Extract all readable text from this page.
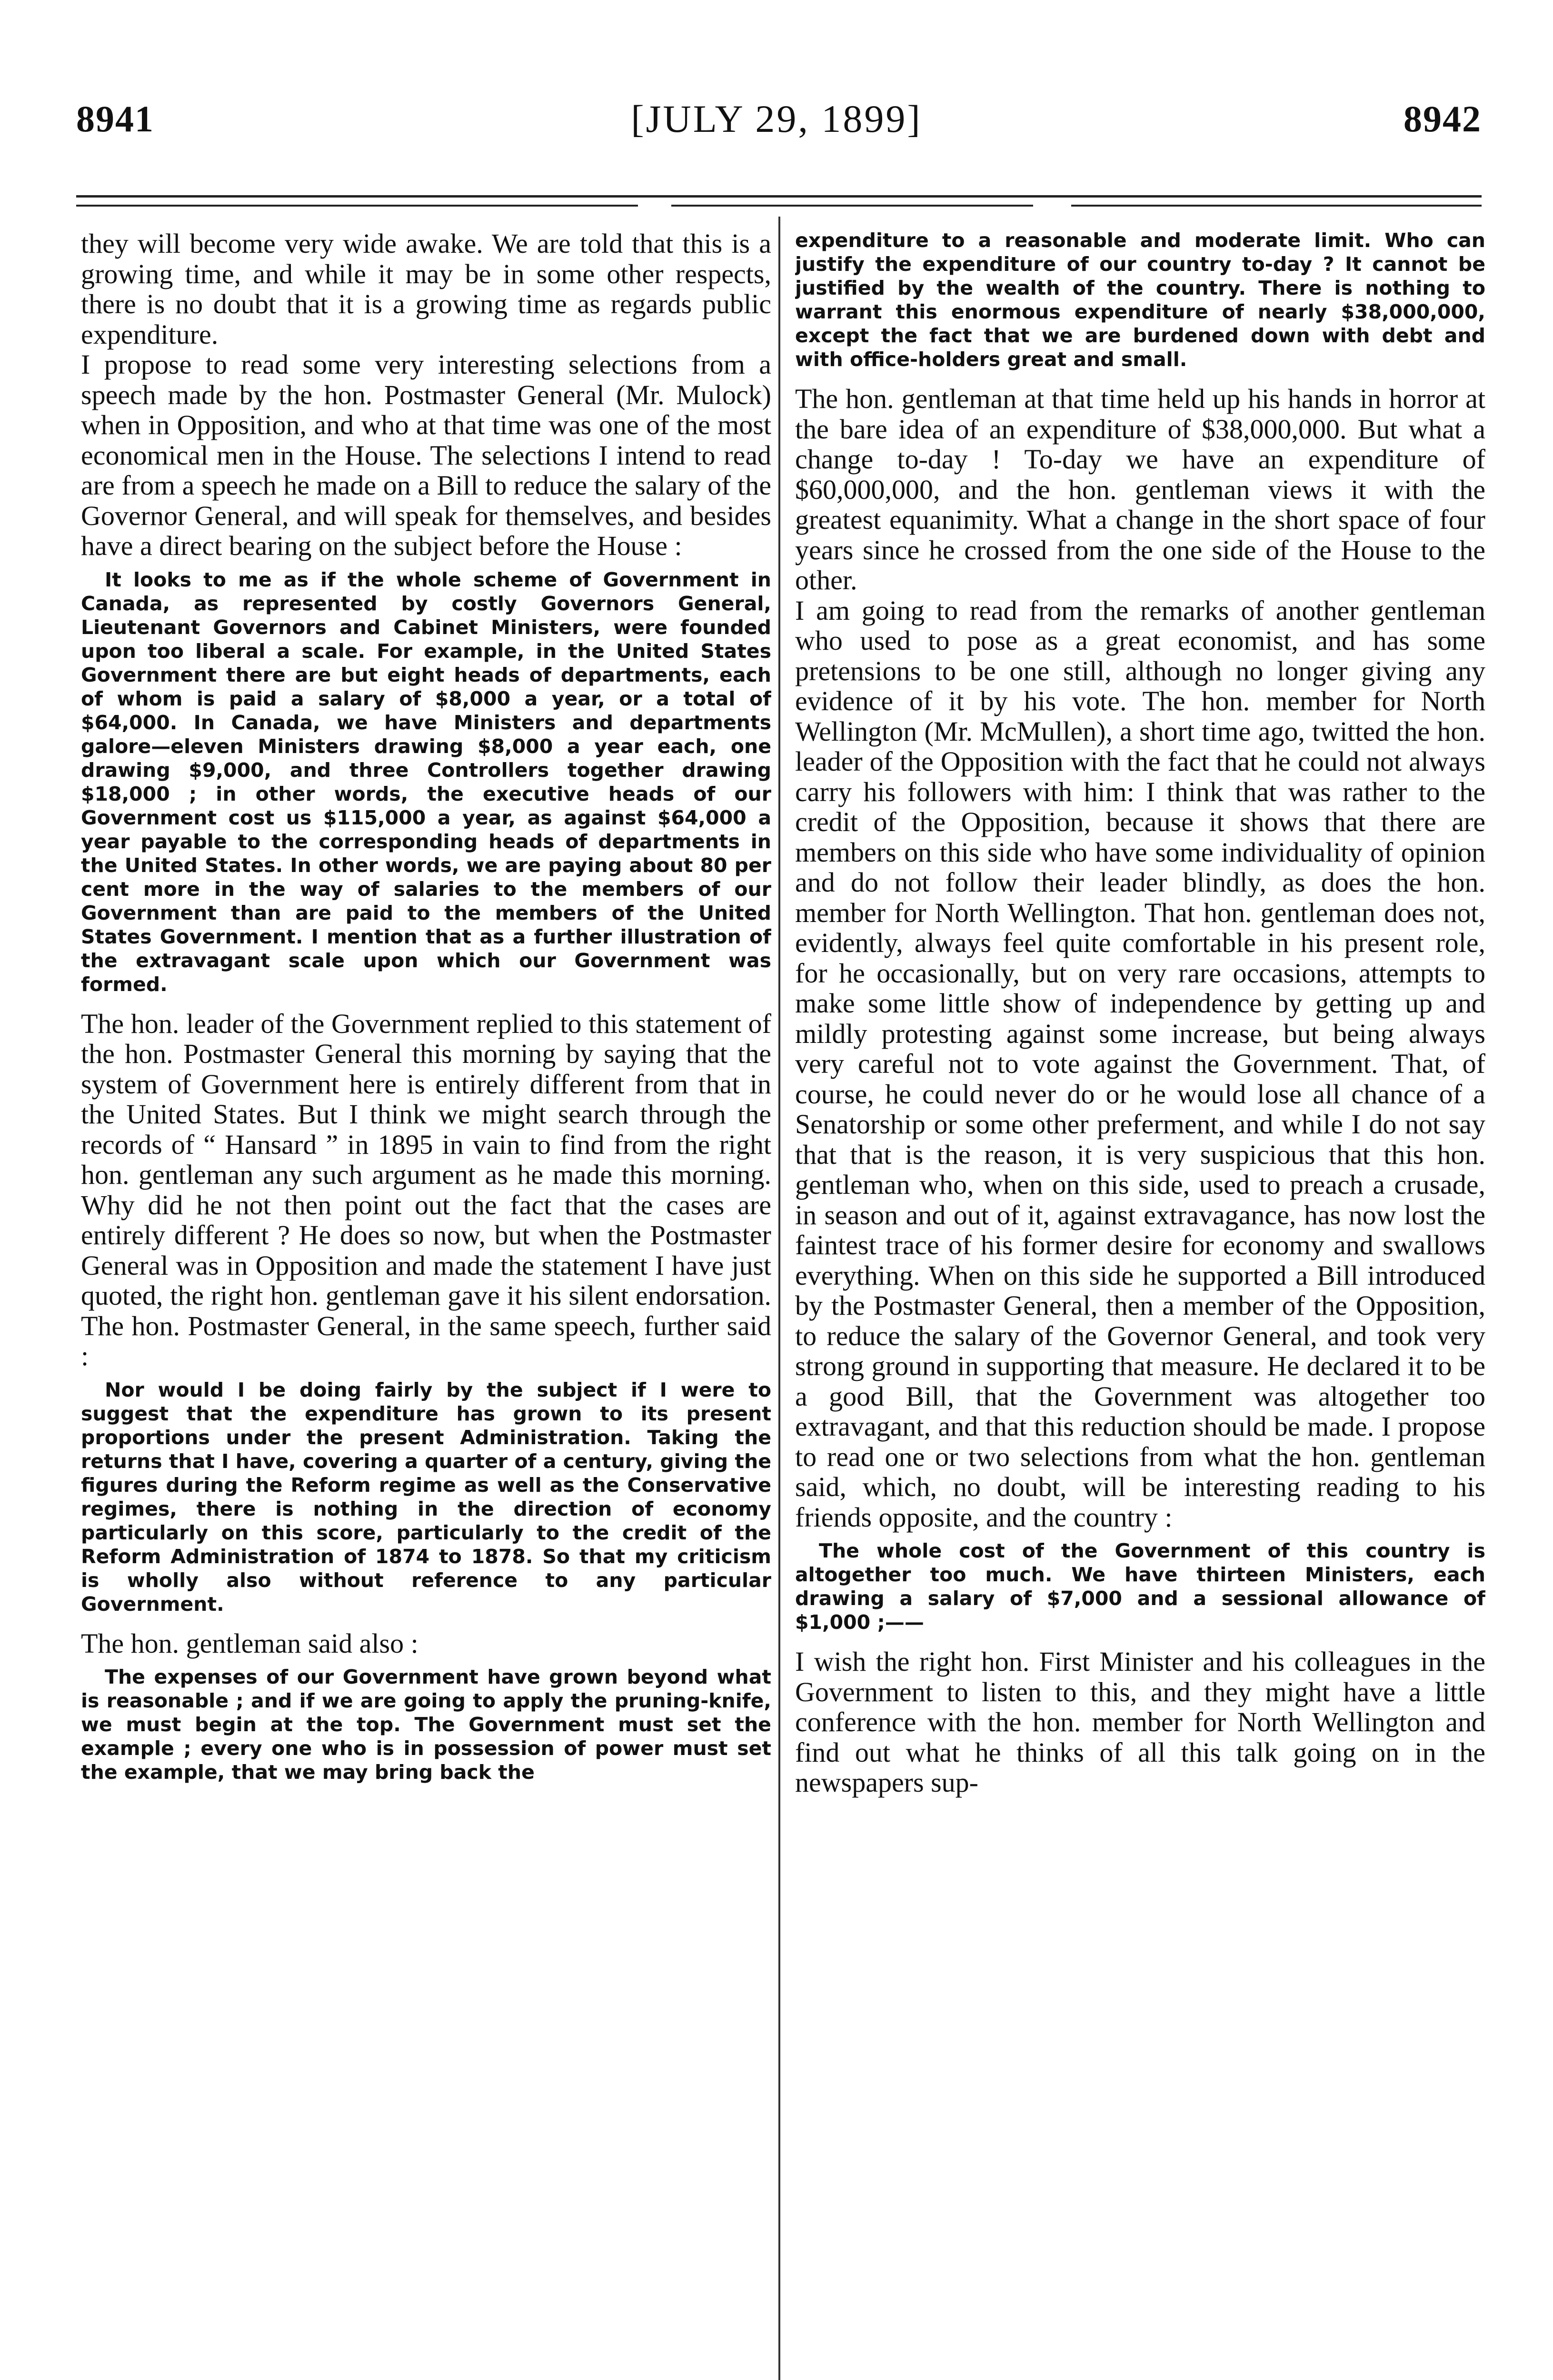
8941	[JULY 29, 1899]	8942

they will become very wide awake. We are told that this is a growing time, and while it may be in some other respects, there is no doubt that it is a growing time as regards public expenditure.

I propose to read some very interesting selections from a speech made by the hon. Postmaster General (Mr. Mulock) when in Opposition, and who at that time was one of the most economical men in the House. The selections I intend to read are from a speech he made on a Bill to reduce the salary of the Governor General, and will speak for themselves, and besides have a direct bearing on the subject before the House :

It looks to me as if the whole scheme of Government in Canada, as represented by costly Governors General, Lieutenant Governors and Cabinet Ministers, were founded upon too liberal a scale. For example, in the United States Government there are but eight heads of departments, each of whom is paid a salary of $8,000 a year, or a total of $64,000. In Canada, we have Ministers and departments galore—eleven Ministers drawing $8,000 a year each, one drawing $9,000, and three Controllers together drawing $18,000 ; in other words, the executive heads of our Government cost us $115,000 a year, as against $64,000 a year payable to the corresponding heads of departments in the United States. In other words, we are paying about 80 per cent more in the way of salaries to the members of our Government than are paid to the members of the United States Government. I mention that as a further illustration of the extravagant scale upon which our Government was formed.

The hon. leader of the Government replied to this statement of the hon. Postmaster General this morning by saying that the system of Government here is entirely different from that in the United States. But I think we might search through the records of “ Hansard ” in 1895 in vain to find from the right hon. gentleman any such argument as he made this morning. Why did he not then point out the fact that the cases are entirely different ? He does so now, but when the Postmaster General was in Opposition and made the statement I have just quoted, the right hon. gentleman gave it his silent endorsation. The hon. Postmaster General, in the same speech, further said :

Nor would I be doing fairly by the subject if I were to suggest that the expenditure has grown to its present proportions under the present Administration. Taking the returns that I have, covering a quarter of a century, giving the figures during the Reform regime as well as the Conservative regimes, there is nothing in the direction of economy particularly on this score, particularly to the credit of the Reform Administration of 1874 to 1878. So that my criticism is wholly also without reference to any particular Government.

The hon. gentleman said also :

The expenses of our Government have grown beyond what is reasonable ; and if we are going to apply the pruning-knife, we must begin at the top. The Government must set the example ; every one who is in possession of power must set the example, that we may bring back the

expenditure to a reasonable and moderate limit. Who can justify the expenditure of our country to-day ? It cannot be justified by the wealth of the country. There is nothing to warrant this enormous expenditure of nearly $38,000,000, except the fact that we are burdened down with debt and with office-holders great and small.

The hon. gentleman at that time held up his hands in horror at the bare idea of an expenditure of $38,000,000. But what a change to-day ! To-day we have an expenditure of $60,000,000, and the hon. gentleman views it with the greatest equanimity. What a change in the short space of four years since he crossed from the one side of the House to the other.

I am going to read from the remarks of another gentleman who used to pose as a great economist, and has some pretensions to be one still, although no longer giving any evidence of it by his vote. The hon. member for North Wellington (Mr. McMullen), a short time ago, twitted the hon. leader of the Opposition with the fact that he could not always carry his followers with him: I think that was rather to the credit of the Opposition, because it shows that there are members on this side who have some individuality of opinion and do not follow their leader blindly, as does the hon. member for North Wellington. That hon. gentleman does not, evidently, always feel quite comfortable in his present role, for he occasionally, but on very rare occasions, attempts to make some little show of independence by getting up and mildly protesting against some increase, but being always very careful not to vote against the Government. That, of course, he could never do or he would lose all chance of a Senatorship or some other preferment, and while I do not say that that is the reason, it is very suspicious that this hon. gentleman who, when on this side, used to preach a crusade, in season and out of it, against extravagance, has now lost the faintest trace of his former desire for economy and swallows everything. When on this side he supported a Bill introduced by the Postmaster General, then a member of the Opposition, to reduce the salary of the Governor General, and took very strong ground in supporting that measure. He declared it to be a good Bill, that the Government was altogether too extravagant, and that this reduction should be made. I propose to read one or two selections from what the hon. gentleman said, which, no doubt, will be interesting reading to his friends opposite, and the country :

The whole cost of the Government of this country is altogether too much. We have thirteen Ministers, each drawing a salary of $7,000 and a sessional allowance of $1,000 ;——

I wish the right hon. First Minister and his colleagues in the Government to listen to this, and they might have a little conference with the hon. member for North Wellington and find out what he thinks of all this talk going on in the newspapers sup-
